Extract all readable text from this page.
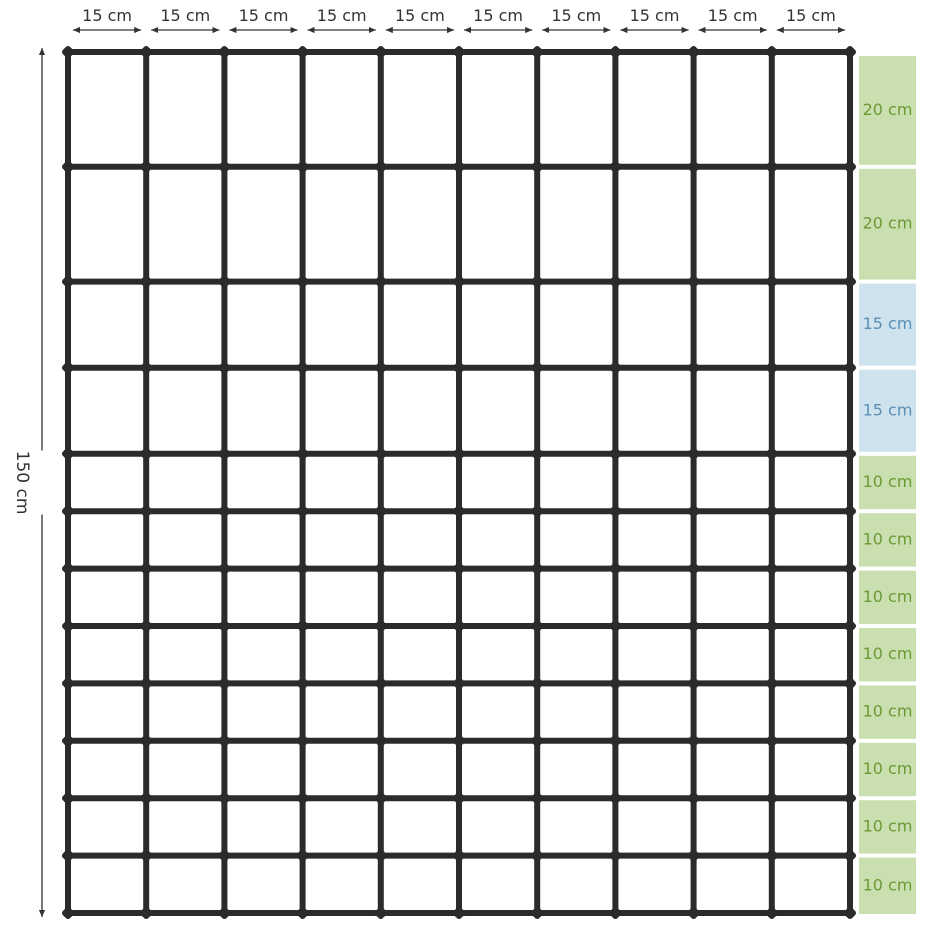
15 cm 15 cm 15 cm 15 cm 15 cm 15 cm 15 cm 15 cm 15 cm 15 cm
150 cm
20 cm
20 cm
15 cm
15 cm
10 cm
10 cm
10 cm
10 cm
10 cm
10 cm
10 cm
10 cm
